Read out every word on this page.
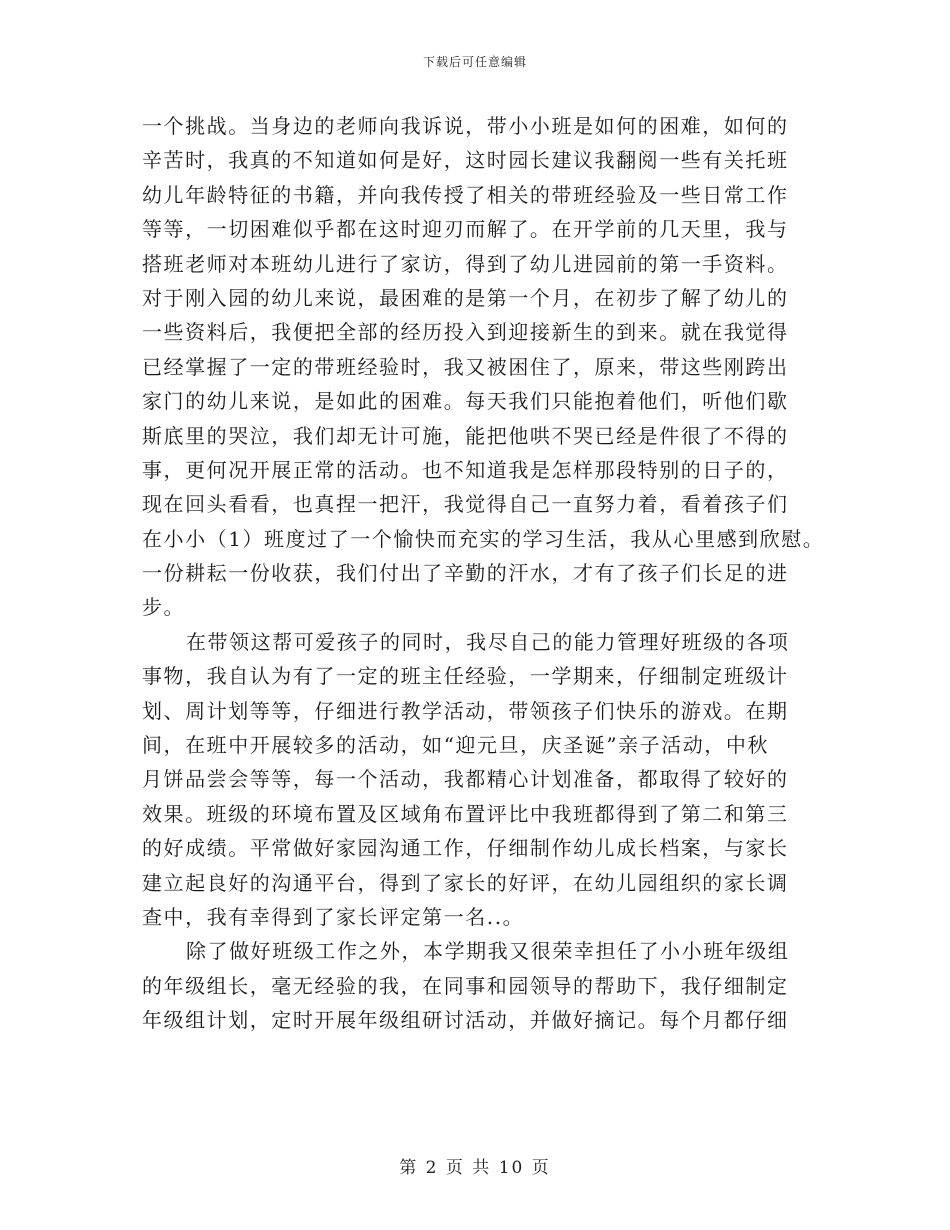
下载后可任意编辑
一个挑战。当身边的老师向我诉说，带小小班是如何的困难，如何的
辛苦时，我真的不知道如何是好，这时园长建议我翻阅一些有关托班
幼儿年龄特征的书籍，并向我传授了相关的带班经验及一些日常工作
等等，一切困难似乎都在这时迎刃而解了。在开学前的几天里，我与
搭班老师对本班幼儿进行了家访，得到了幼儿进园前的第一手资料。
对于刚入园的幼儿来说，最困难的是第一个月，在初步了解了幼儿的
一些资料后，我便把全部的经历投入到迎接新生的到来。就在我觉得
已经掌握了一定的带班经验时，我又被困住了，原来，带这些刚跨出
家门的幼儿来说，是如此的困难。每天我们只能抱着他们，听他们歇
斯底里的哭泣，我们却无计可施，能把他哄不哭已经是件很了不得的
事，更何况开展正常的活动。也不知道我是怎样那段特别的日子的，
现在回头看看，也真捏一把汗，我觉得自己一直努力着，看着孩子们
在小小（1）班度过了一个愉快而充实的学习生活，我从心里感到欣慰。
一份耕耘一份收获，我们付出了辛勤的汗水，才有了孩子们长足的进
步。
在带领这帮可爱孩子的同时，我尽自己的能力管理好班级的各项
事物，我自认为有了一定的班主任经验，一学期来，仔细制定班级计
划、周计划等等，仔细进行教学活动，带领孩子们快乐的游戏。在期
间，在班中开展较多的活动，如“迎元旦，庆圣诞”亲子活动，中秋
月饼品尝会等等，每一个活动，我都精心计划准备，都取得了较好的
效果。班级的环境布置及区域角布置评比中我班都得到了第二和第三
的好成绩。平常做好家园沟通工作，仔细制作幼儿成长档案，与家长
建立起良好的沟通平台，得到了家长的好评，在幼儿园组织的家长调
查中，我有幸得到了家长评定第一名..。
除了做好班级工作之外，本学期我又很荣幸担任了小小班年级组
的年级组长，毫无经验的我，在同事和园领导的帮助下，我仔细制定
年级组计划，定时开展年级组研讨活动，并做好摘记。每个月都仔细
第 2 页 共 10 页
